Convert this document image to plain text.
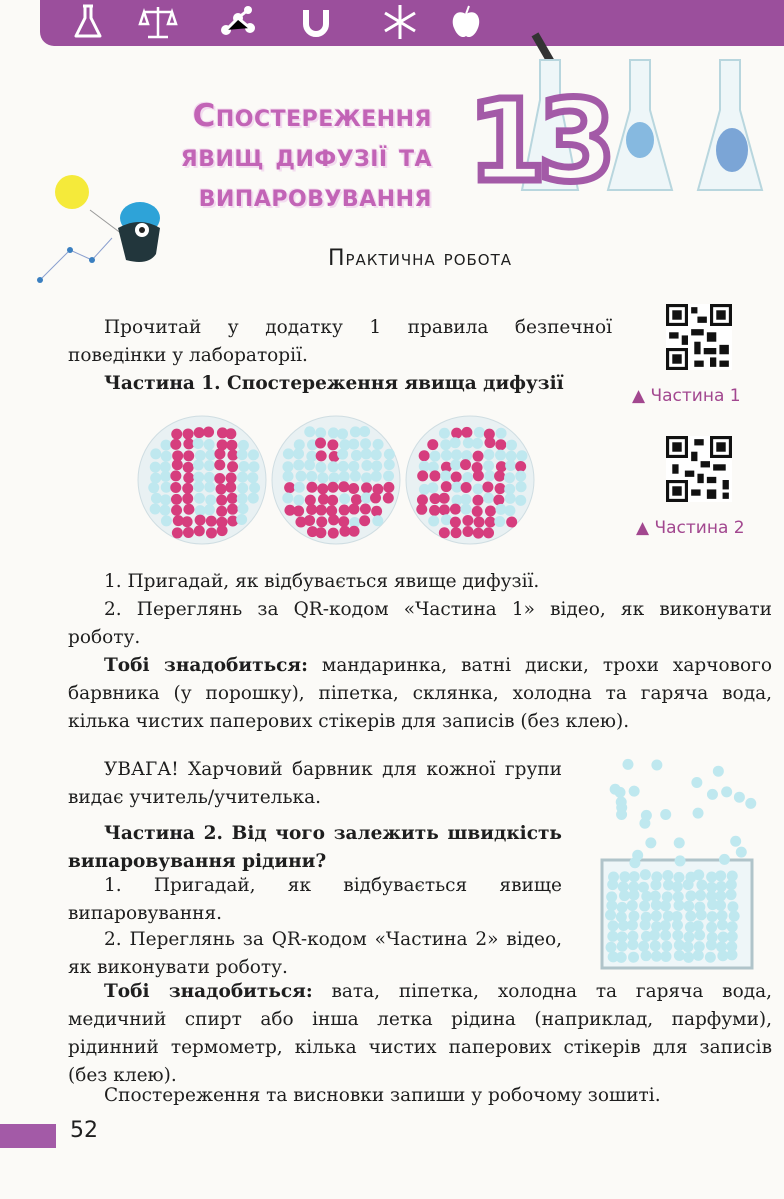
Спостереження
явищ дифузії та
випаровування 13
Практична робота
Прочитай у додатку 1 правила безпечної поведінки у лабораторії.
Частина 1. Спостереження явища дифузії
▲ Частина 1
▲ Частина 2
1. Пригадай, як відбувається явище дифузії.
2. Переглянь за QR-кодом «Частина 1» відео, як виконувати роботу.
Тобі знадобиться: мандаринка, ватні диски, трохи харчового барвника (у порошку), піпетка, склянка, холодна та гаряча вода, кілька чистих паперових стікерів для записів (без клею).
УВАГА! Харчовий барвник для кожної групи видає учитель/учителька.
Частина 2. Від чого залежить швидкість випаровування рідини?
1. Пригадай, як відбувається явище випаровування.
2. Переглянь за QR-кодом «Частина 2» відео, як виконувати роботу.
Тобі знадобиться: вата, піпетка, холодна та гаряча вода, медичний спирт або інша летка рідина (наприклад, парфуми), рідинний термометр, кілька чистих паперових стікерів для записів (без клею).
Спостереження та висновки запиши у робочому зошиті.
52
